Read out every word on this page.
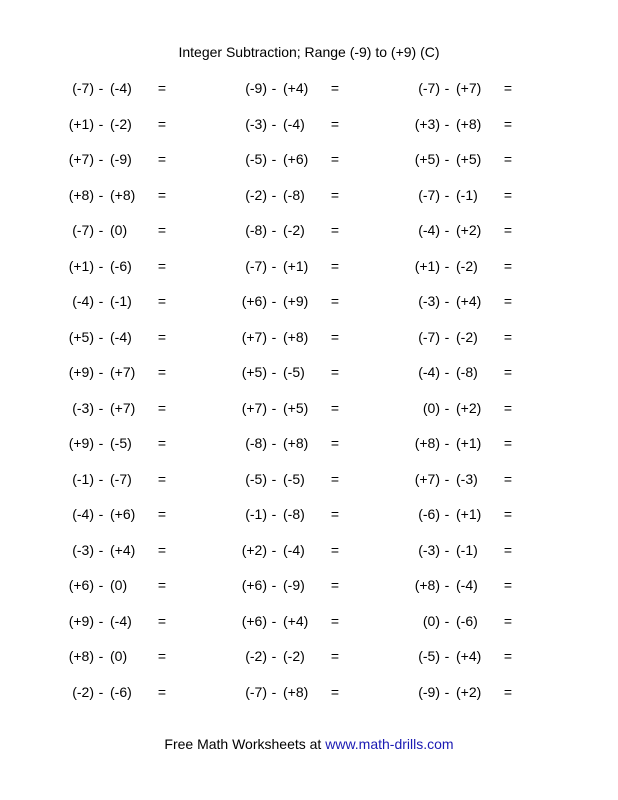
Integer Subtraction; Range (-9) to (+9) (C)
(-7) - (-4)	=	(-9) - (+4)	=	(-7) - (+7)	=
(+1) - (-2)	=	(-3) - (-4)	=	(+3) - (+8)	=
(+7) - (-9)	=	(-5) - (+6)	=	(+5) - (+5)	=
(+8) - (+8)	=	(-2) - (-8)	=	(-7) - (-1)	=
(-7) - (0)	=	(-8) - (-2)	=	(-4) - (+2)	=
(+1) - (-6)	=	(-7) - (+1)	=	(+1) - (-2)	=
(-4) - (-1)	=	(+6) - (+9)	=	(-3) - (+4)	=
(+5) - (-4)	=	(+7) - (+8)	=	(-7) - (-2)	=
(+9) - (+7)	=	(+5) - (-5)	=	(-4) - (-8)	=
(-3) - (+7)	=	(+7) - (+5)	=	(0) - (+2)	=
(+9) - (-5)	=	(-8) - (+8)	=	(+8) - (+1)	=
(-1) - (-7)	=	(-5) - (-5)	=	(+7) - (-3)	=
(-4) - (+6)	=	(-1) - (-8)	=	(-6) - (+1)	=
(-3) - (+4)	=	(+2) - (-4)	=	(-3) - (-1)	=
(+6) - (0)	=	(+6) - (-9)	=	(+8) - (-4)	=
(+9) - (-4)	=	(+6) - (+4)	=	(0) - (-6)	=
(+8) - (0)	=	(-2) - (-2)	=	(-5) - (+4)	=
(-2) - (-6)	=	(-7) - (+8)	=	(-9) - (+2)	=
Free Math Worksheets at www.math-drills.com
